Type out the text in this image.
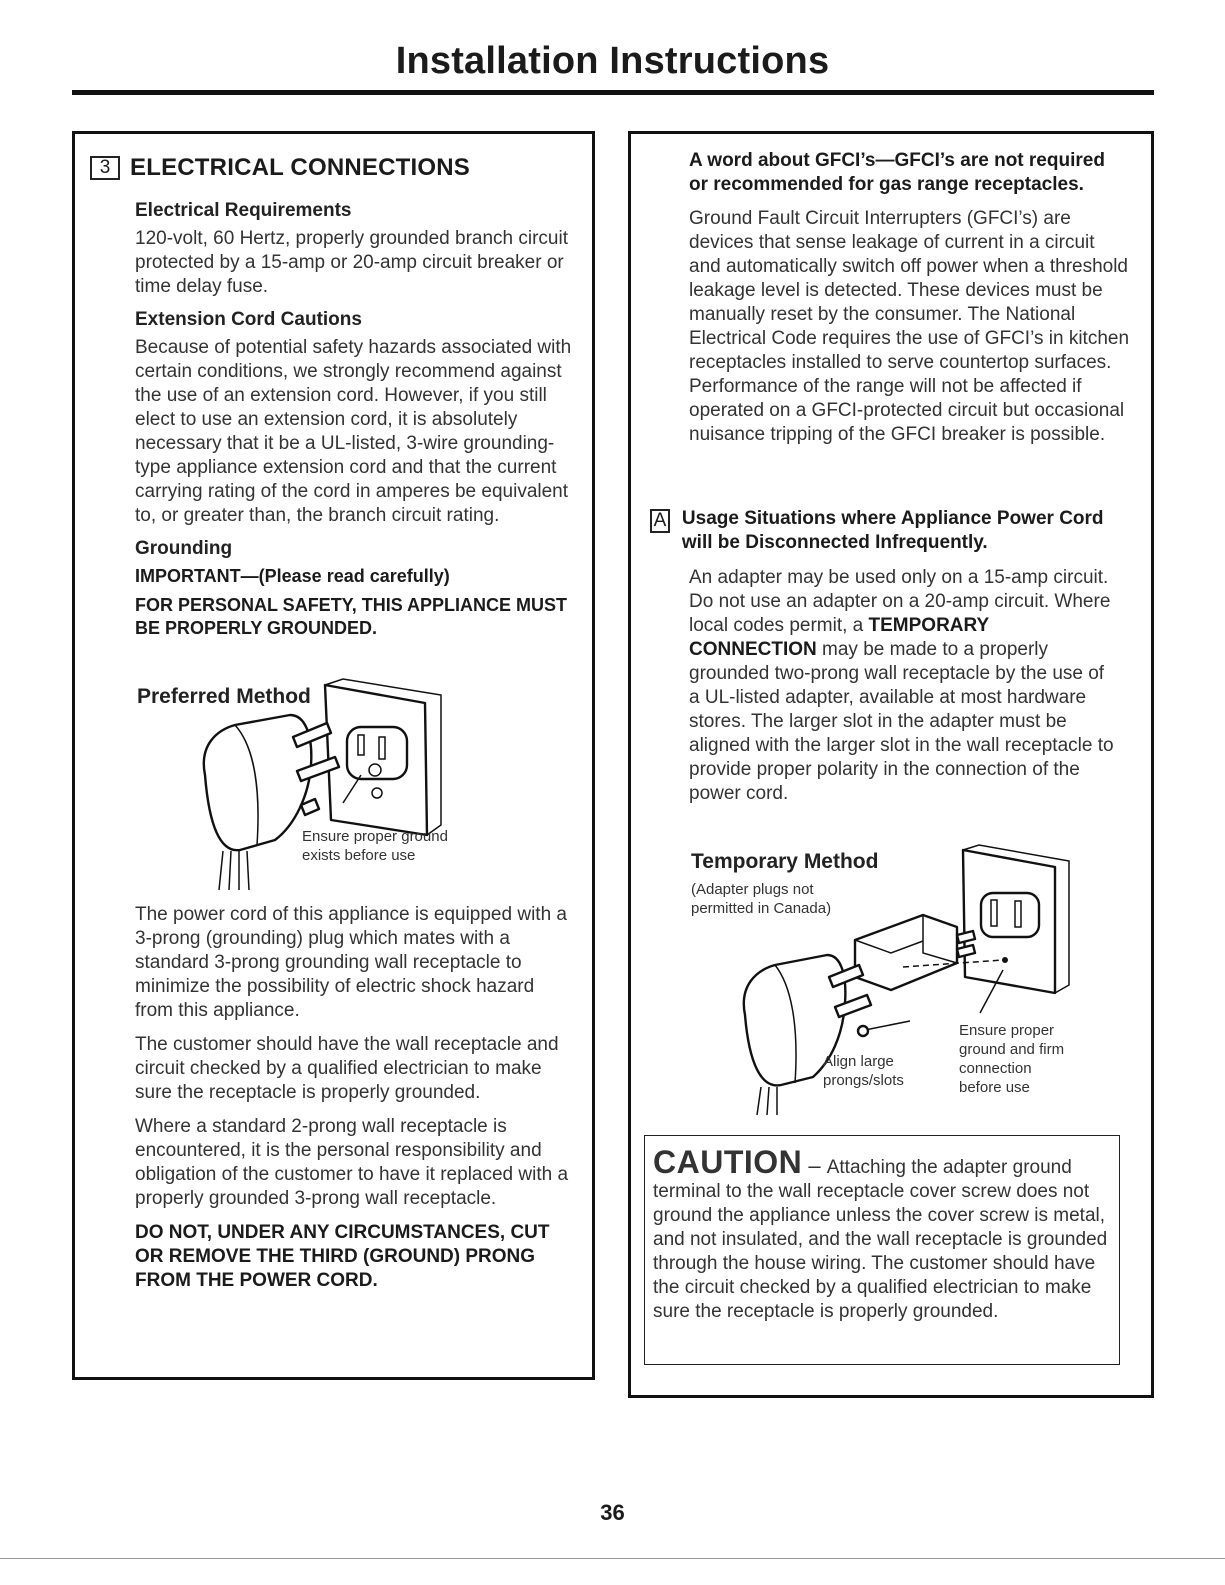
Installation Instructions
3 ELECTRICAL CONNECTIONS

Electrical Requirements

120-volt, 60 Hertz, properly grounded branch circuit protected by a 15-amp or 20-amp circuit breaker or time delay fuse.

Extension Cord Cautions

Because of potential safety hazards associated with certain conditions, we strongly recommend against the use of an extension cord. However, if you still elect to use an extension cord, it is absolutely necessary that it be a UL-listed, 3-wire grounding-type appliance extension cord and that the current carrying rating of the cord in amperes be equivalent to, or greater than, the branch circuit rating.

Grounding

IMPORTANT—(Please read carefully)

FOR PERSONAL SAFETY, THIS APPLIANCE MUST BE PROPERLY GROUNDED.

Preferred Method
Ensure proper ground
exists before use

The power cord of this appliance is equipped with a 3-prong (grounding) plug which mates with a standard 3-prong grounding wall receptacle to minimize the possibility of electric shock hazard from this appliance.

The customer should have the wall receptacle and circuit checked by a qualified electrician to make sure the receptacle is properly grounded.

Where a standard 2-prong wall receptacle is encountered, it is the personal responsibility and obligation of the customer to have it replaced with a properly grounded 3-prong wall receptacle.

DO NOT, UNDER ANY CIRCUMSTANCES, CUT OR REMOVE THE THIRD (GROUND) PRONG FROM THE POWER CORD.

A word about GFCI’s—GFCI’s are not required or recommended for gas range receptacles.

Ground Fault Circuit Interrupters (GFCI’s) are devices that sense leakage of current in a circuit and automatically switch off power when a threshold leakage level is detected. These devices must be manually reset by the consumer. The National Electrical Code requires the use of GFCI’s in kitchen receptacles installed to serve countertop surfaces. Performance of the range will not be affected if operated on a GFCI-protected circuit but occasional nuisance tripping of the GFCI breaker is possible.

A Usage Situations where Appliance Power Cord will be Disconnected Infrequently.

An adapter may be used only on a 15-amp circuit. Do not use an adapter on a 20-amp circuit. Where local codes permit, a TEMPORARY CONNECTION may be made to a properly grounded two-prong wall receptacle by the use of a UL-listed adapter, available at most hardware stores. The larger slot in the adapter must be aligned with the larger slot in the wall receptacle to provide proper polarity in the connection of the power cord.

Temporary Method
(Adapter plugs not
permitted in Canada)
Align large
prongs/slots
Ensure proper
ground and firm
connection
before use
CAUTION – Attaching the adapter ground terminal to the wall receptacle cover screw does not ground the appliance unless the cover screw is metal, and not insulated, and the wall receptacle is grounded through the house wiring. The customer should have the circuit checked by a qualified electrician to make sure the receptacle is properly grounded.
36
